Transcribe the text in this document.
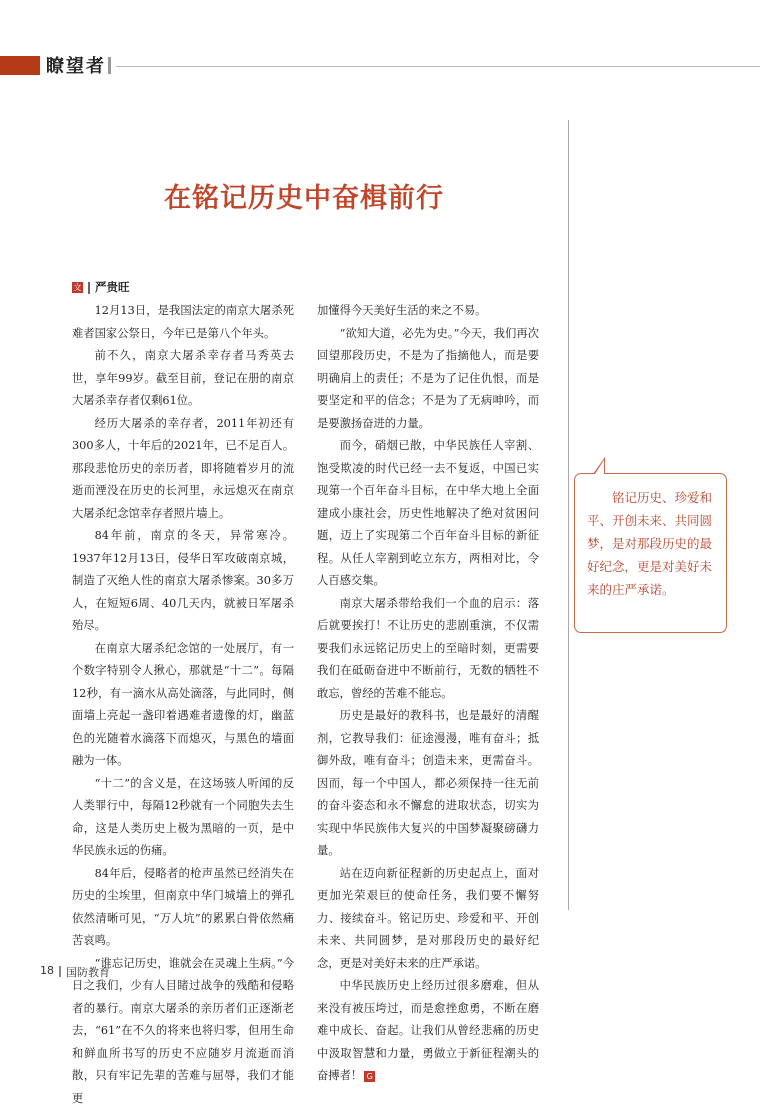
瞭望者
在铭记历史中奋楫前行
文 严贵旺

12月13日，是我国法定的南京大屠杀死难者国家公祭日，今年已是第八个年头。

前不久，南京大屠杀幸存者马秀英去世，享年99岁。截至目前，登记在册的南京大屠杀幸存者仅剩61位。

经历大屠杀的幸存者，2011年初还有300多人，十年后的2021年，已不足百人。那段悲怆历史的亲历者，即将随着岁月的流逝而湮没在历史的长河里，永远熄灭在南京大屠杀纪念馆幸存者照片墙上。

84年前，南京的冬天，异常寒冷。1937年12月13日，侵华日军攻破南京城，制造了灭绝人性的南京大屠杀惨案。30多万人，在短短6周、40几天内，就被日军屠杀殆尽。

在南京大屠杀纪念馆的一处展厅，有一个数字特别令人揪心，那就是“十二”。每隔12秒，有一滴水从高处滴落，与此同时，侧面墙上亮起一盏印着遇难者遗像的灯，幽蓝色的光随着水滴落下而熄灭，与黑色的墙面融为一体。

“十二”的含义是，在这场骇人听闻的反人类罪行中，每隔12秒就有一个同胞失去生命，这是人类历史上极为黑暗的一页，是中华民族永远的伤痛。

84年后，侵略者的枪声虽然已经消失在历史的尘埃里，但南京中华门城墙上的弹孔依然清晰可见，“万人坑”的累累白骨依然痛苦哀鸣。

“谁忘记历史，谁就会在灵魂上生病。”今日之我们，少有人目睹过战争的残酷和侵略者的暴行。南京大屠杀的亲历者们正逐渐老去，“61”在不久的将来也将归零，但用生命和鲜血所书写的历史不应随岁月流逝而消散，只有牢记先辈的苦难与屈辱，我们才能更

加懂得今天美好生活的来之不易。

“欲知大道，必先为史。”今天，我们再次回望那段历史，不是为了指摘他人，而是要明确肩上的责任；不是为了记住仇恨，而是要坚定和平的信念；不是为了无病呻吟，而是要激扬奋进的力量。

而今，硝烟已散，中华民族任人宰割、饱受欺凌的时代已经一去不复返，中国已实现第一个百年奋斗目标，在中华大地上全面建成小康社会，历史性地解决了绝对贫困问题，迈上了实现第二个百年奋斗目标的新征程。从任人宰割到屹立东方，两相对比，令人百感交集。

南京大屠杀带给我们一个血的启示：落后就要挨打！不让历史的悲剧重演，不仅需要我们永远铭记历史上的至暗时刻，更需要我们在砥砺奋进中不断前行，无数的牺牲不敢忘，曾经的苦难不能忘。

历史是最好的教科书，也是最好的清醒剂，它教导我们：征途漫漫，唯有奋斗；抵御外敌，唯有奋斗；创造未来，更需奋斗。因而，每一个中国人，都必须保持一往无前的奋斗姿态和永不懈怠的进取状态，切实为实现中华民族伟大复兴的中国梦凝聚磅礴力量。

站在迈向新征程新的历史起点上，面对更加光荣艰巨的使命任务，我们要不懈努力、接续奋斗。铭记历史、珍爱和平、开创未来、共同圆梦，是对那段历史的最好纪念，更是对美好未来的庄严承诺。

中华民族历史上经历过很多磨难，但从来没有被压垮过，而是愈挫愈勇，不断在磨难中成长、奋起。让我们从曾经悲痛的历史中汲取智慧和力量，勇做立于新征程潮头的奋搏者！ G

铭记历史、珍爱和平、开创未来、共同圆梦，是对那段历史的最好纪念，更是对美好未来的庄严承诺。

18 国防教育
